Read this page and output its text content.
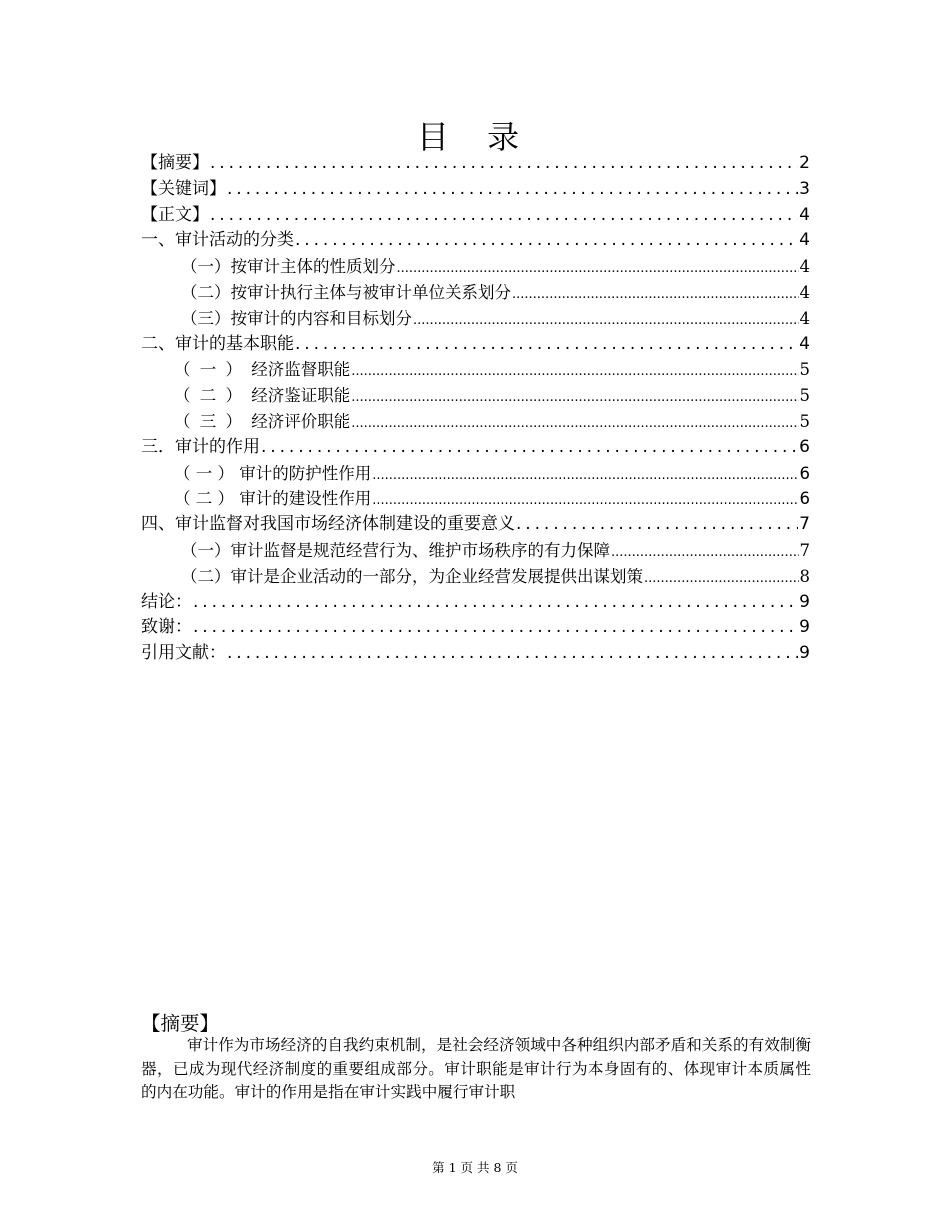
目 录
【摘要】 .....	2
【关键词】 .....	3
【正文】 .....	4
一、审计活动的分类 .....	4
（一）按审计主体的性质划分 .....	4
（二）按审计执行主体与被审计单位关系划分 .....	4
（三）按审计的内容和目标划分 .....	4
二、审计的基本职能 .....	4
（ 一 ） 经济监督职能 .....	5
（ 二 ） 经济鉴证职能 .....	5
（ 三 ） 经济评价职能 .....	5
三．审计的作用 .....	6
（ 一 ） 审计的防护性作用 .....	6
（ 二 ） 审计的建设性作用 .....	6
四、审计监督对我国市场经济体制建设的重要意义 .....	7
（一）审计监督是规范经营行为、维护市场秩序的有力保障 .....	7
（二）审计是企业活动的一部分，为企业经营发展提供出谋划策 .....	8
结论： .....	9
致谢： .....	9
引用文献： .....	9
【摘要】
审计作为市场经济的自我约束机制，是社会经济领域中各种组织内部矛盾和关系的有效制衡器，已成为现代经济制度的重要组成部分。审计职能是审计行为本身固有的、体现审计本质属性的内在功能。审计的作用是指在审计实践中履行审计职
第 1 页 共 8 页
